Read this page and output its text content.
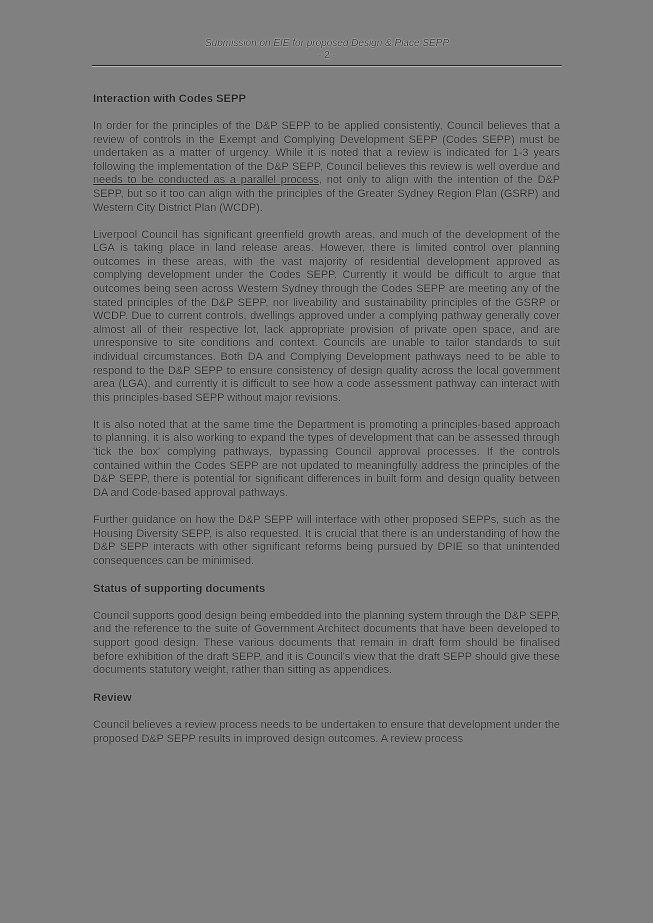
Submission on EIE for proposed Design & Place SEPP
- 2 -
Interaction with Codes SEPP

In order for the principles of the D&P SEPP to be applied consistently, Council believes that a review of controls in the Exempt and Complying Development SEPP (Codes SEPP) must be undertaken as a matter of urgency. While it is noted that a review is indicated for 1-3 years following the implementation of the D&P SEPP, Council believes this review is well overdue and needs to be conducted as a parallel process, not only to align with the intention of the D&P SEPP, but so it too can align with the principles of the Greater Sydney Region Plan (GSRP) and Western City District Plan (WCDP).

Liverpool Council has significant greenfield growth areas, and much of the development of the LGA is taking place in land release areas. However, there is limited control over planning outcomes in these areas, with the vast majority of residential development approved as complying development under the Codes SEPP. Currently it would be difficult to argue that outcomes being seen across Western Sydney through the Codes SEPP are meeting any of the stated principles of the D&P SEPP, nor liveability and sustainability principles of the GSRP or WCDP. Due to current controls, dwellings approved under a complying pathway generally cover almost all of their respective lot, lack appropriate provision of private open space, and are unresponsive to site conditions and context. Councils are unable to tailor standards to suit individual circumstances. Both DA and Complying Development pathways need to be able to respond to the D&P SEPP to ensure consistency of design quality across the local government area (LGA), and currently it is difficult to see how a code assessment pathway can interact with this principles-based SEPP without major revisions.

It is also noted that at the same time the Department is promoting a principles-based approach to planning, it is also working to expand the types of development that can be assessed through 'tick the box' complying pathways, bypassing Council approval processes. If the controls contained within the Codes SEPP are not updated to meaningfully address the principles of the D&P SEPP, there is potential for significant differences in built form and design quality between DA and Code-based approval pathways.

Further guidance on how the D&P SEPP will interface with other proposed SEPPs, such as the Housing Diversity SEPP, is also requested. It is crucial that there is an understanding of how the D&P SEPP interacts with other significant reforms being pursued by DPIE so that unintended consequences can be minimised.

Status of supporting documents

Council supports good design being embedded into the planning system through the D&P SEPP, and the reference to the suite of Government Architect documents that have been developed to support good design. These various documents that remain in draft form should be finalised before exhibition of the draft SEPP, and it is Council's view that the draft SEPP should give these documents statutory weight, rather than sitting as appendices.

Review

Council believes a review process needs to be undertaken to ensure that development under the proposed D&P SEPP results in improved design outcomes. A review process
